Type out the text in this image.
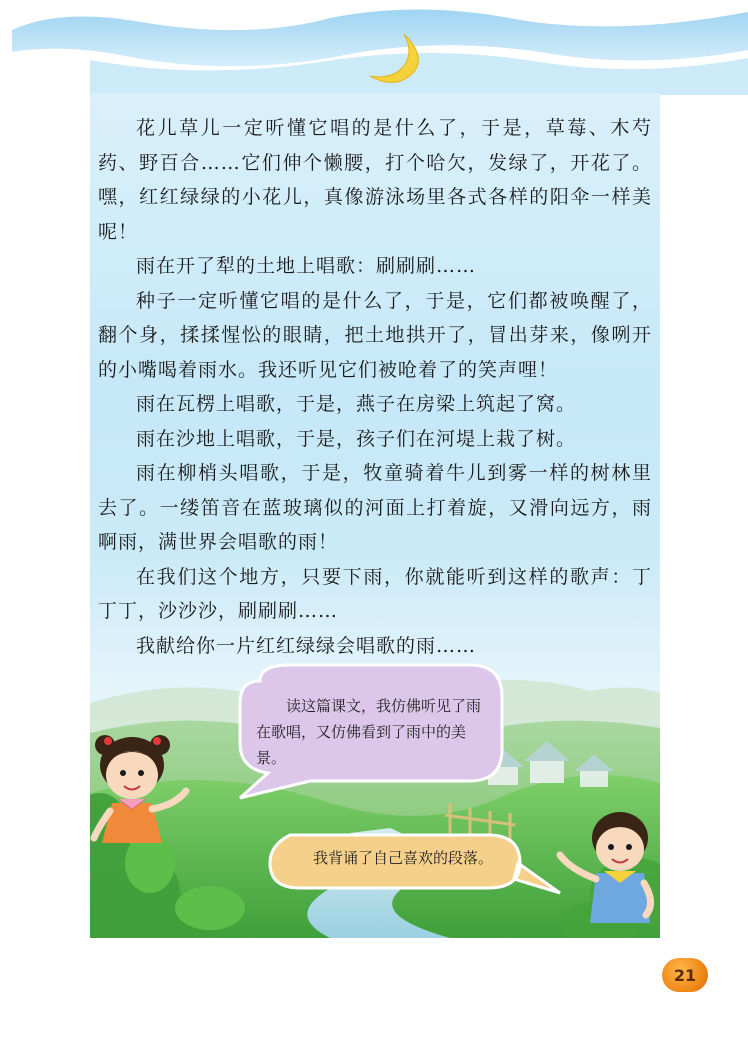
花儿草儿一定听懂它唱的是什么了，于是，草莓、木芍药、野百合……它们伸个懒腰，打个哈欠，发绿了，开花了。嘿，红红绿绿的小花儿，真像游泳场里各式各样的阳伞一样美呢！

雨在开了犁的土地上唱歌：刷刷刷……

种子一定听懂它唱的是什么了，于是，它们都被唤醒了，翻个身，揉揉惺忪的眼睛，把土地拱开了，冒出芽来，像咧开的小嘴喝着雨水。我还听见它们被呛着了的笑声哩！

雨在瓦楞上唱歌，于是，燕子在房梁上筑起了窝。

雨在沙地上唱歌，于是，孩子们在河堤上栽了树。

雨在柳梢头唱歌，于是，牧童骑着牛儿到雾一样的树林里去了。一缕笛音在蓝玻璃似的河面上打着旋，又滑向远方，雨啊雨，满世界会唱歌的雨！

在我们这个地方，只要下雨，你就能听到这样的歌声：丁丁丁，沙沙沙，刷刷刷……

我献给你一片红红绿绿会唱歌的雨……

读这篇课文，我仿佛听见了雨在歌唱，又仿佛看到了雨中的美景。

我背诵了自己喜欢的段落。
21
